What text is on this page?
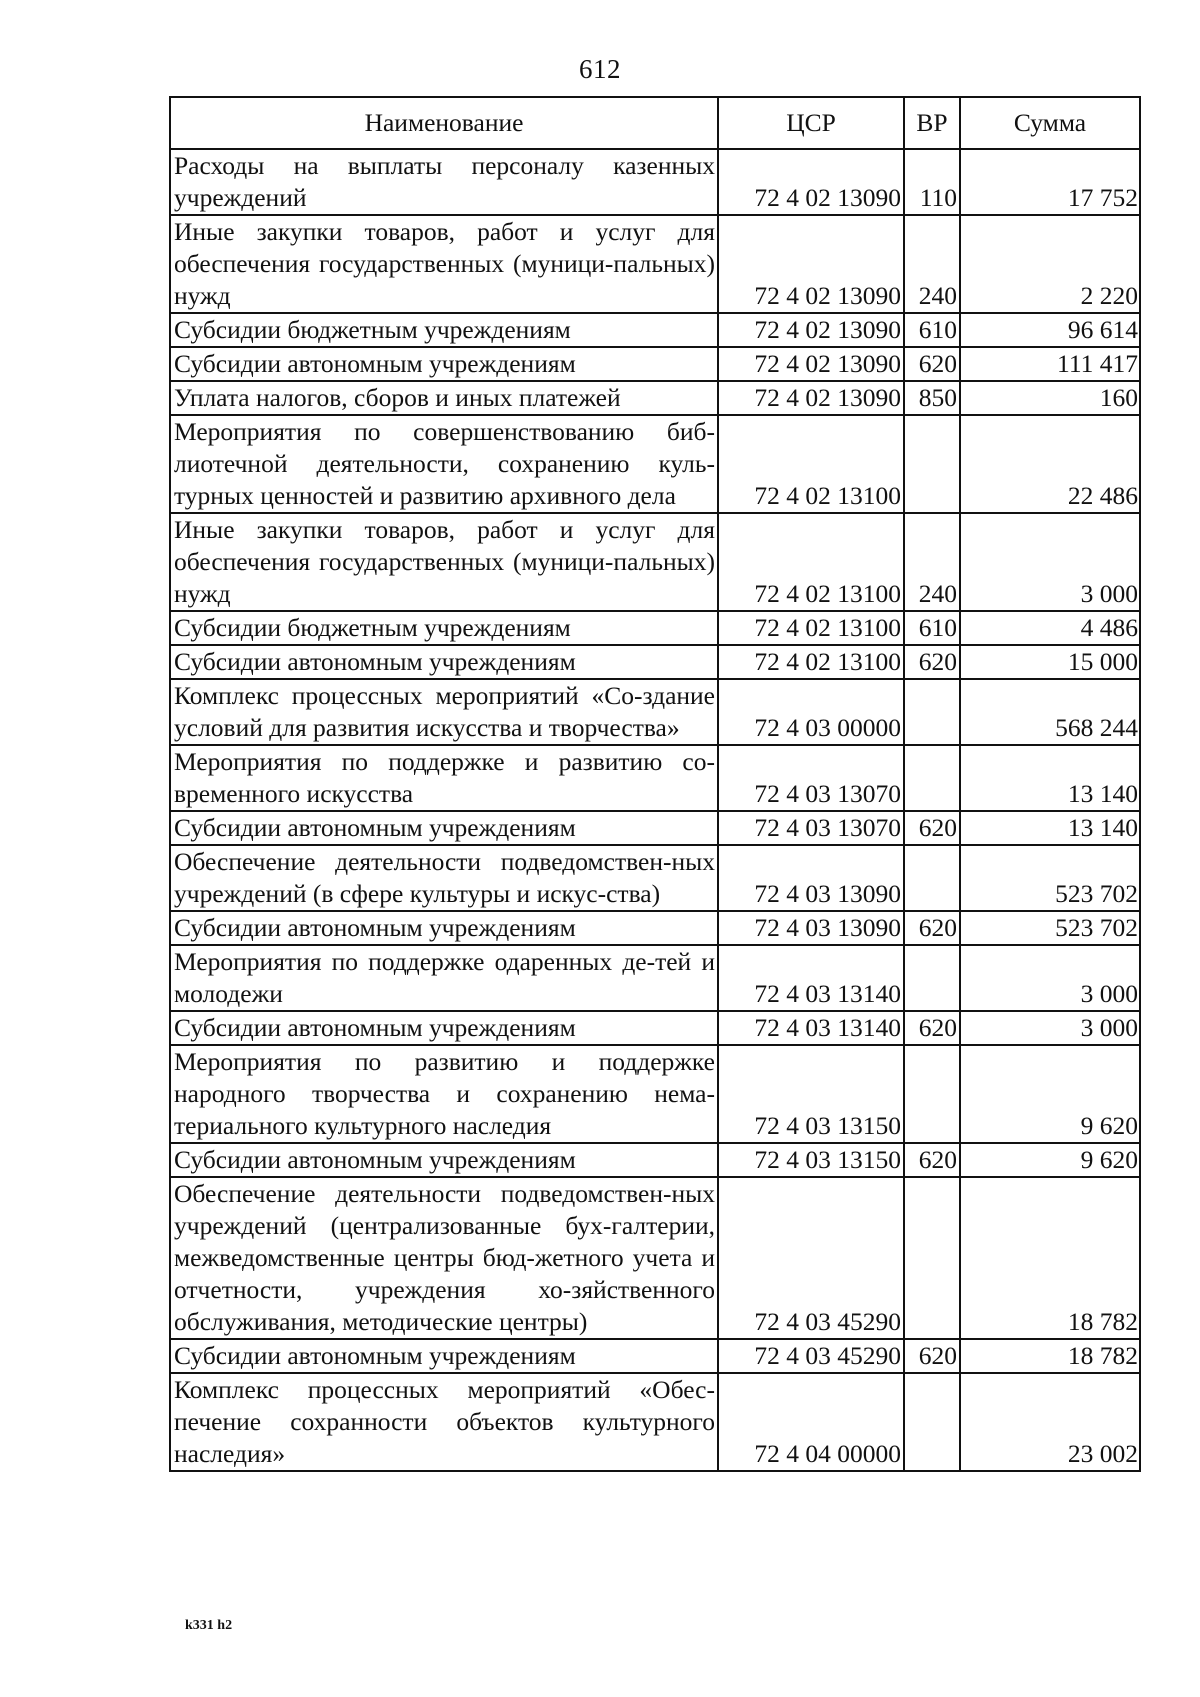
612
Наименование	ЦСР	ВР	Сумма
Расходы на выплаты персоналу казенных учреждений	72 4 02 13090	110	17 752
Иные закупки товаров, работ и услуг для обеспечения государственных (муници-пальных) нужд	72 4 02 13090	240	2 220
Субсидии бюджетным учреждениям	72 4 02 13090	610	96 614
Субсидии автономным учреждениям	72 4 02 13090	620	111 417
Уплата налогов, сборов и иных платежей	72 4 02 13090	850	160
Мероприятия по совершенствованию биб-лиотечной деятельности, сохранению куль-турных ценностей и развитию архивного дела	72 4 02 13100		22 486
Иные закупки товаров, работ и услуг для обеспечения государственных (муници-пальных) нужд	72 4 02 13100	240	3 000
Субсидии бюджетным учреждениям	72 4 02 13100	610	4 486
Субсидии автономным учреждениям	72 4 02 13100	620	15 000
Комплекс процессных мероприятий «Со-здание условий для развития искусства и творчества»	72 4 03 00000		568 244
Мероприятия по поддержке и развитию со-временного искусства	72 4 03 13070		13 140
Субсидии автономным учреждениям	72 4 03 13070	620	13 140
Обеспечение деятельности подведомствен-ных учреждений (в сфере культуры и искус-ства)	72 4 03 13090		523 702
Субсидии автономным учреждениям	72 4 03 13090	620	523 702
Мероприятия по поддержке одаренных де-тей и молодежи	72 4 03 13140		3 000
Субсидии автономным учреждениям	72 4 03 13140	620	3 000
Мероприятия по развитию и поддержке народного творчества и сохранению нема-териального культурного наследия	72 4 03 13150		9 620
Субсидии автономным учреждениям	72 4 03 13150	620	9 620
Обеспечение деятельности подведомствен-ных учреждений (централизованные бух-галтерии, межведомственные центры бюд-жетного учета и отчетности, учреждения хо-зяйственного обслуживания, методические центры)	72 4 03 45290		18 782
Субсидии автономным учреждениям	72 4 03 45290	620	18 782
Комплекс процессных мероприятий «Обес-печение сохранности объектов культурного наследия»	72 4 04 00000		23 002
k331 h2
